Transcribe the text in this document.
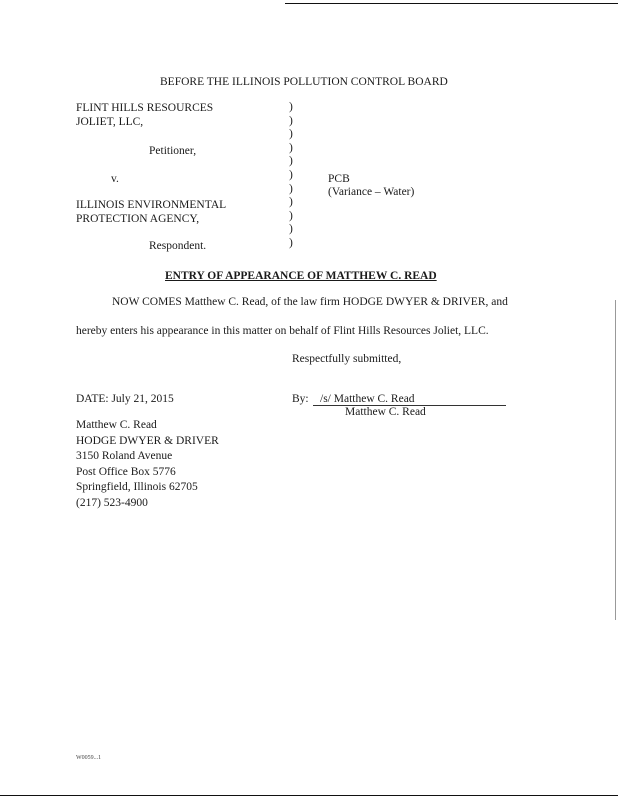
BEFORE THE ILLINOIS POLLUTION CONTROL BOARD
FLINT HILLS RESOURCES
JOLIET, LLC,
Petitioner,
v.
ILLINOIS ENVIRONMENTAL
PROTECTION AGENCY,
Respondent.
)
)
)
)
)
)
)
)
)
)
)
PCB
(Variance – Water)
ENTRY OF APPEARANCE OF MATTHEW C. READ
NOW COMES Matthew C. Read, of the law firm HODGE DWYER & DRIVER, and
hereby enters his appearance in this matter on behalf of Flint Hills Resources Joliet, LLC.
Respectfully submitted,
DATE: July 21, 2015	By: /s/ Matthew C. Read
Matthew C. Read
Matthew C. Read
HODGE DWYER & DRIVER
3150 Roland Avenue
Post Office Box 5776
Springfield, Illinois 62705
(217) 523-4900
W0059...1
